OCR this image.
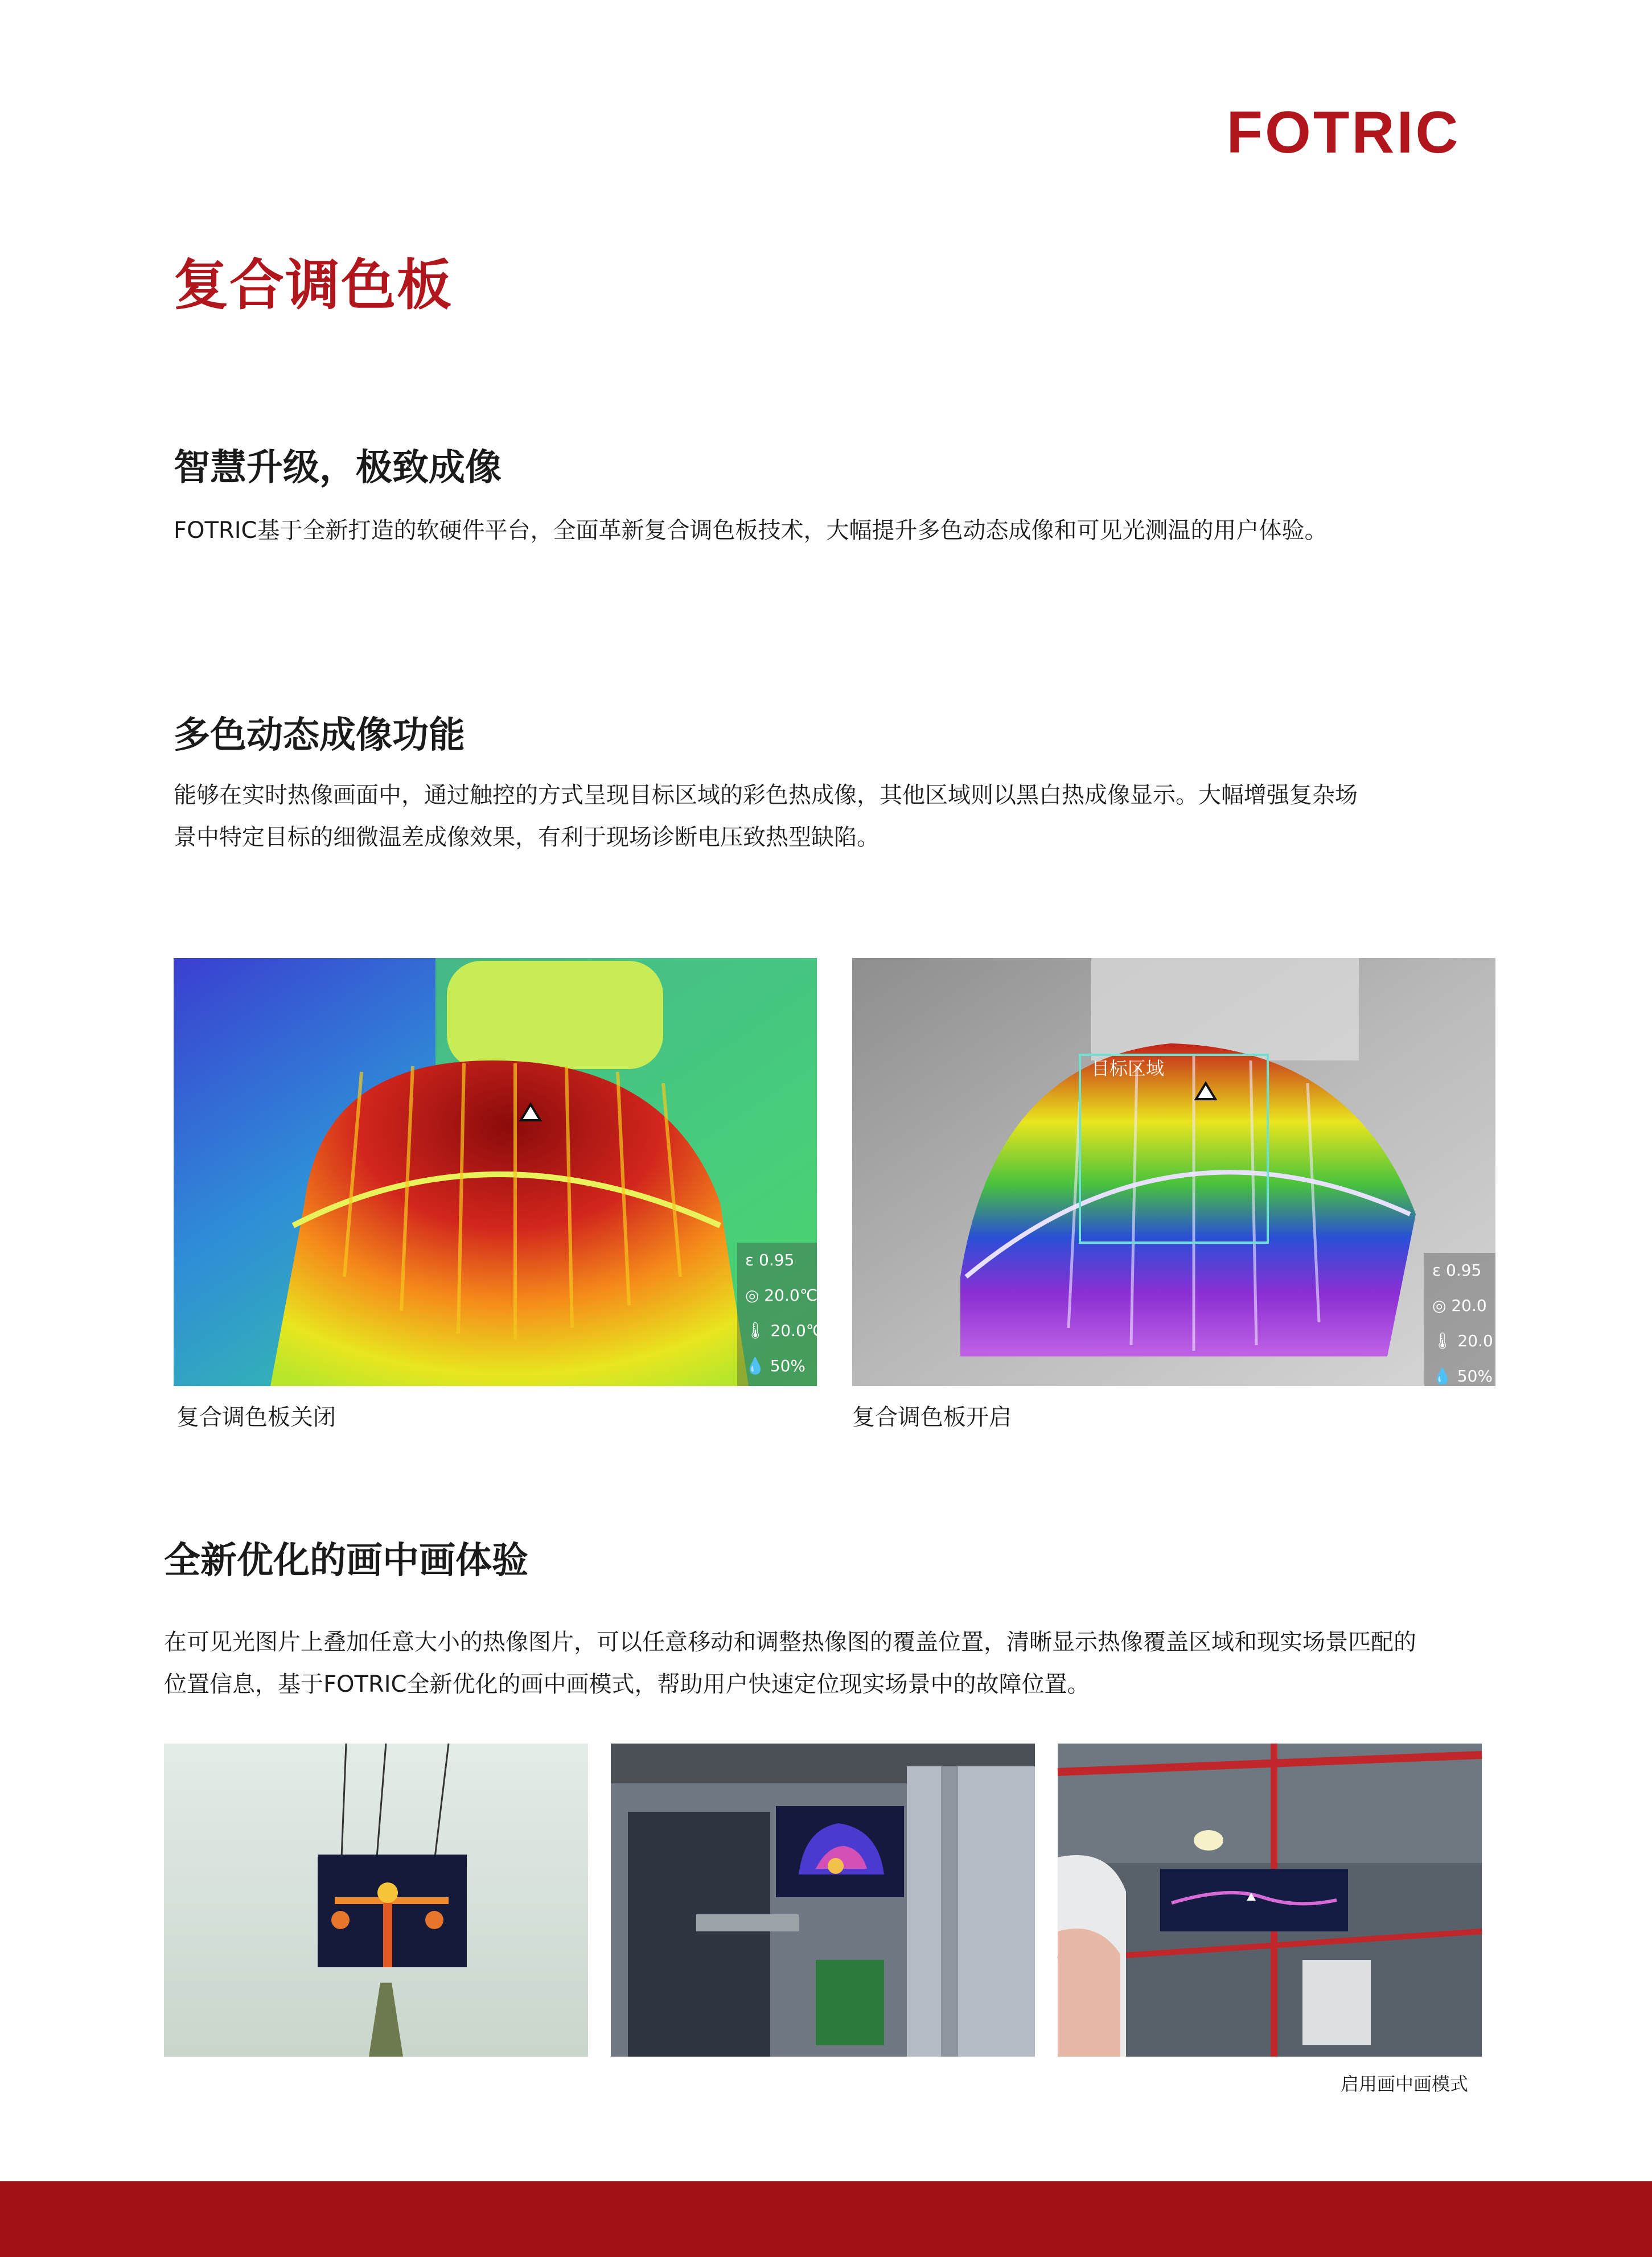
FOTRIC
复合调色板
智慧升级，极致成像
FOTRIC基于全新打造的软硬件平台，全面革新复合调色板技术，大幅提升多色动态成像和可见光测温的用户体验。
多色动态成像功能
能够在实时热像画面中，通过触控的方式呈现目标区域的彩色热成像，其他区域则以黑白热成像显示。大幅增强复杂场
景中特定目标的细微温差成像效果，有利于现场诊断电压致热型缺陷。
ε 0.95
◎ 20.0℃
🌡 20.0℃
💧 50%
复合调色板关闭
目标区域
ε 0.95
◎ 20.0
🌡 20.0
💧 50%
复合调色板开启
全新优化的画中画体验
在可见光图片上叠加任意大小的热像图片，可以任意移动和调整热像图的覆盖位置，清晰显示热像覆盖区域和现实场景匹配的
位置信息，基于FOTRIC全新优化的画中画模式，帮助用户快速定位现实场景中的故障位置。
启用画中画模式
